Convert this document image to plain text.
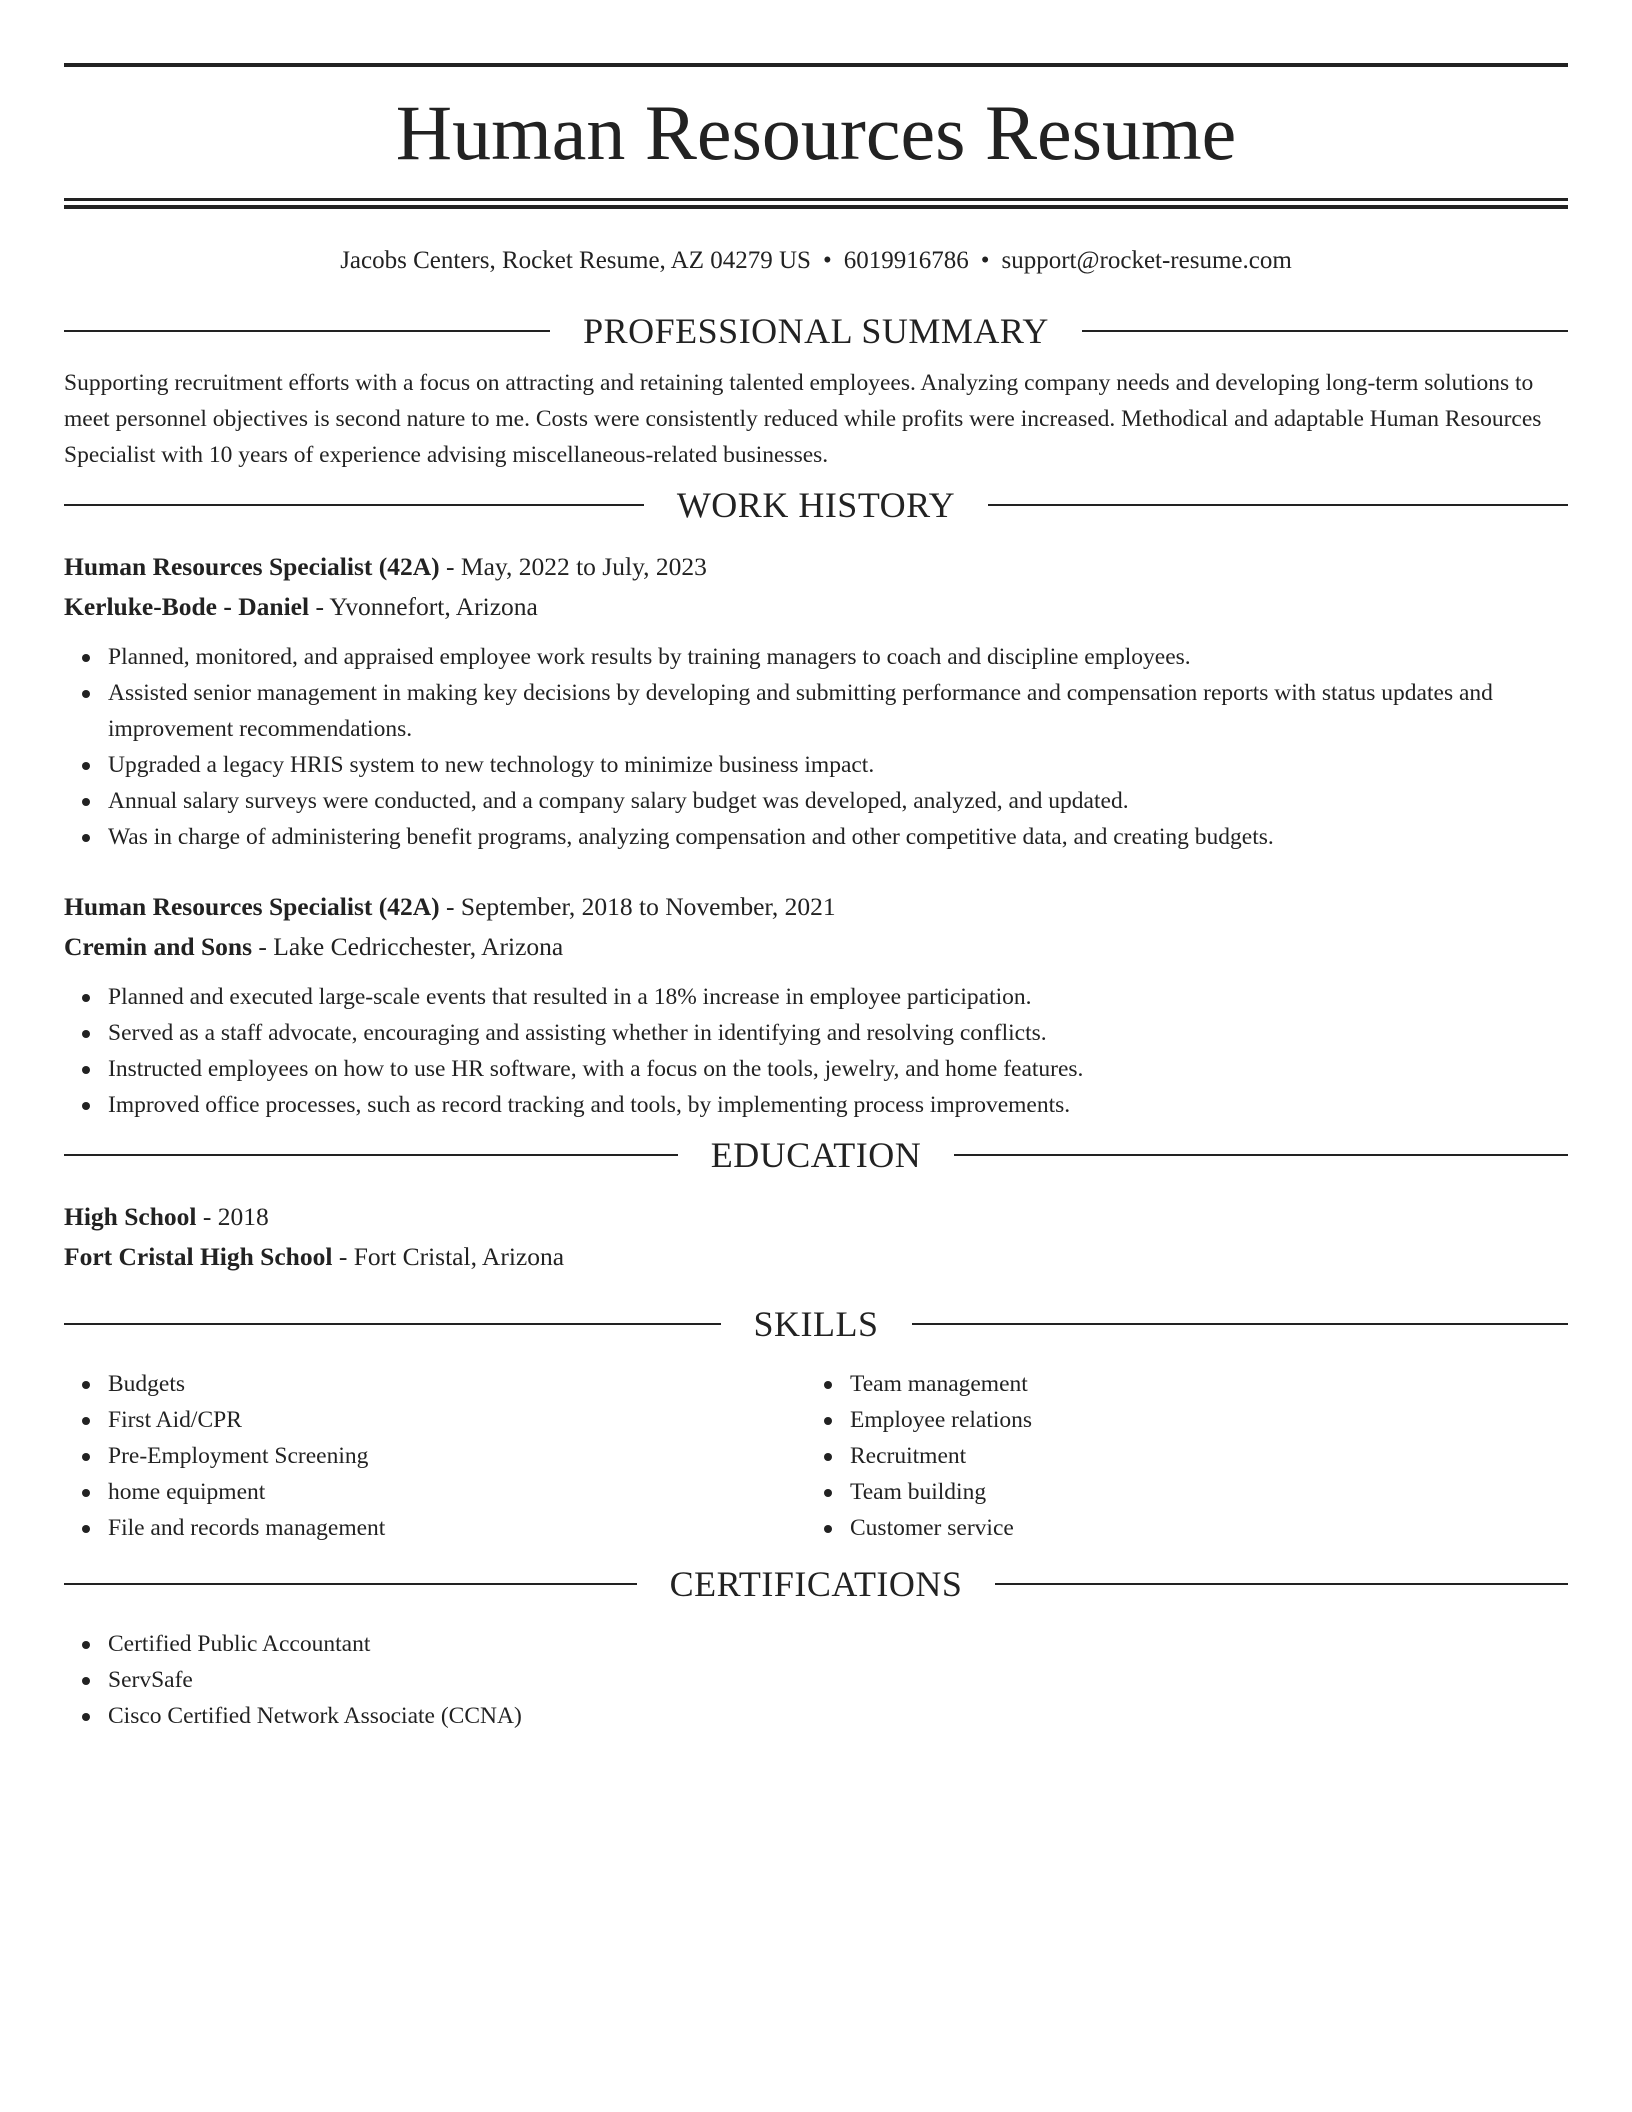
Human Resources Resume
Jacobs Centers, Rocket Resume, AZ 04279 US • 6019916786 • support@rocket-resume.com
PROFESSIONAL SUMMARY

Supporting recruitment efforts with a focus on attracting and retaining talented employees. Analyzing company needs and developing long-term solutions to meet personnel objectives is second nature to me. Costs were consistently reduced while profits were increased. Methodical and adaptable Human Resources Specialist with 10 years of experience advising miscellaneous-related businesses.

WORK HISTORY
Human Resources Specialist (42A) - May, 2022 to July, 2023
Kerluke-Bode - Daniel - Yvonnefort, Arizona
Planned, monitored, and appraised employee work results by training managers to coach and discipline employees.
Assisted senior management in making key decisions by developing and submitting performance and compensation reports with status updates and improvement recommendations.
Upgraded a legacy HRIS system to new technology to minimize business impact.
Annual salary surveys were conducted, and a company salary budget was developed, analyzed, and updated.
Was in charge of administering benefit programs, analyzing compensation and other competitive data, and creating budgets.
Human Resources Specialist (42A) - September, 2018 to November, 2021
Cremin and Sons - Lake Cedricchester, Arizona
Planned and executed large-scale events that resulted in a 18% increase in employee participation.
Served as a staff advocate, encouraging and assisting whether in identifying and resolving conflicts.
Instructed employees on how to use HR software, with a focus on the tools, jewelry, and home features.
Improved office processes, such as record tracking and tools, by implementing process improvements.
EDUCATION
High School - 2018
Fort Cristal High School - Fort Cristal, Arizona
SKILLS
Budgets
First Aid/CPR
Pre-Employment Screening
home equipment
File and records management
Team management
Employee relations
Recruitment
Team building
Customer service
CERTIFICATIONS
Certified Public Accountant
ServSafe
Cisco Certified Network Associate (CCNA)
